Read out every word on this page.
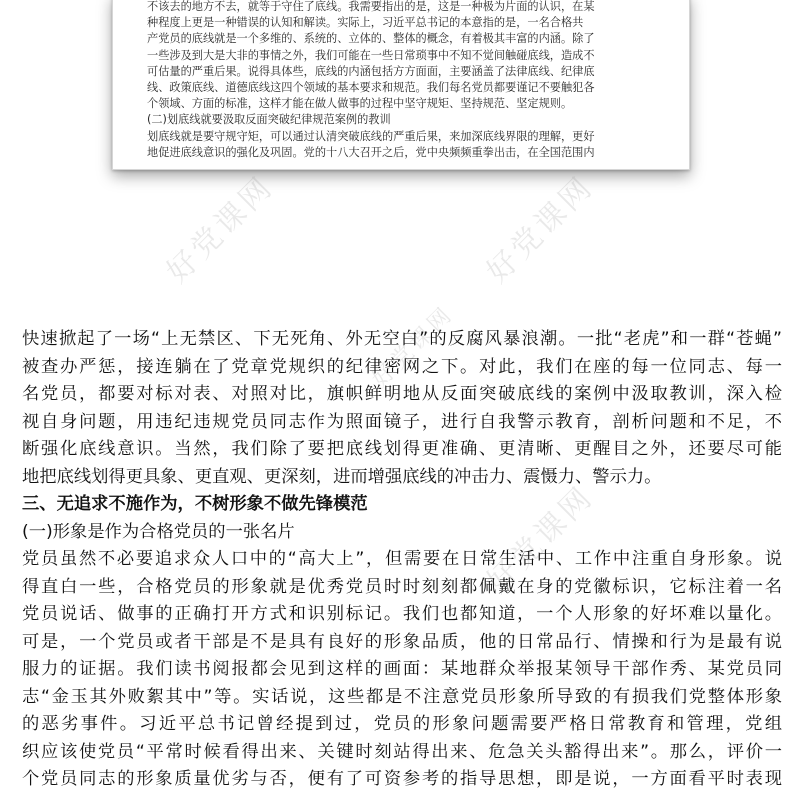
不该去的地方不去，就等于守住了底线。我需要指出的是，这是一种极为片面的认识，在某
种程度上更是一种错误的认知和解读。实际上，习近平总书记的本意指的是，一名合格共
产党员的底线就是一个多维的、系统的、立体的、整体的概念，有着极其丰富的内涵。除了
一些涉及到大是大非的事情之外，我们可能在一些日常琐事中不知不觉间触碰底线，造成不
可估量的严重后果。说得具体些，底线的内涵包括方方面面，主要涵盖了法律底线、纪律底
线、政策底线、道德底线这四个领域的基本要求和规范。我们每名党员都要谨记不要触犯各
个领域、方面的标准，这样才能在做人做事的过程中坚守规矩、坚持规范、坚定规则。
(二)划底线就要汲取反面突破纪律规范案例的教训
划底线就是要守规守矩，可以通过认清突破底线的严重后果，来加深底线界限的理解，更好
地促进底线意识的强化及巩固。党的十八大召开之后，党中央频频重拳出击，在全国范围内
好党课网	好党课网
好党课网
好党课网
快速掀起了一场“上无禁区、下无死角、外无空白”的反腐风暴浪潮。一批“老虎”和一群“苍蝇”
被查办严惩，接连躺在了党章党规织的纪律密网之下。对此，我们在座的每一位同志、每一
名党员，都要对标对表、对照对比，旗帜鲜明地从反面突破底线的案例中汲取教训，深入检
视自身问题，用违纪违规党员同志作为照面镜子，进行自我警示教育，剖析问题和不足，不
断强化底线意识。当然，我们除了要把底线划得更准确、更清晰、更醒目之外，还要尽可能
地把底线划得更具象、更直观、更深刻，进而增强底线的冲击力、震慑力、警示力。
三、无追求不施作为，不树形象不做先锋模范
(一)形象是作为合格党员的一张名片
党员虽然不必要追求众人口中的“高大上”，但需要在日常生活中、工作中注重自身形象。说
得直白一些，合格党员的形象就是优秀党员时时刻刻都佩戴在身的党徽标识，它标注着一名
党员说话、做事的正确打开方式和识别标记。我们也都知道，一个人形象的好坏难以量化。
可是，一个党员或者干部是不是具有良好的形象品质，他的日常品行、情操和行为是最有说
服力的证据。我们读书阅报都会见到这样的画面：某地群众举报某领导干部作秀、某党员同
志“金玉其外败絮其中”等。实话说，这些都是不注意党员形象所导致的有损我们党整体形象
的恶劣事件。习近平总书记曾经提到过，党员的形象问题需要严格日常教育和管理，党组
织应该使党员“平常时候看得出来、关键时刻站得出来、危急关头豁得出来”。那么，评价一
个党员同志的形象质量优劣与否，便有了可资参考的指导思想，即是说，一方面看平时表现
